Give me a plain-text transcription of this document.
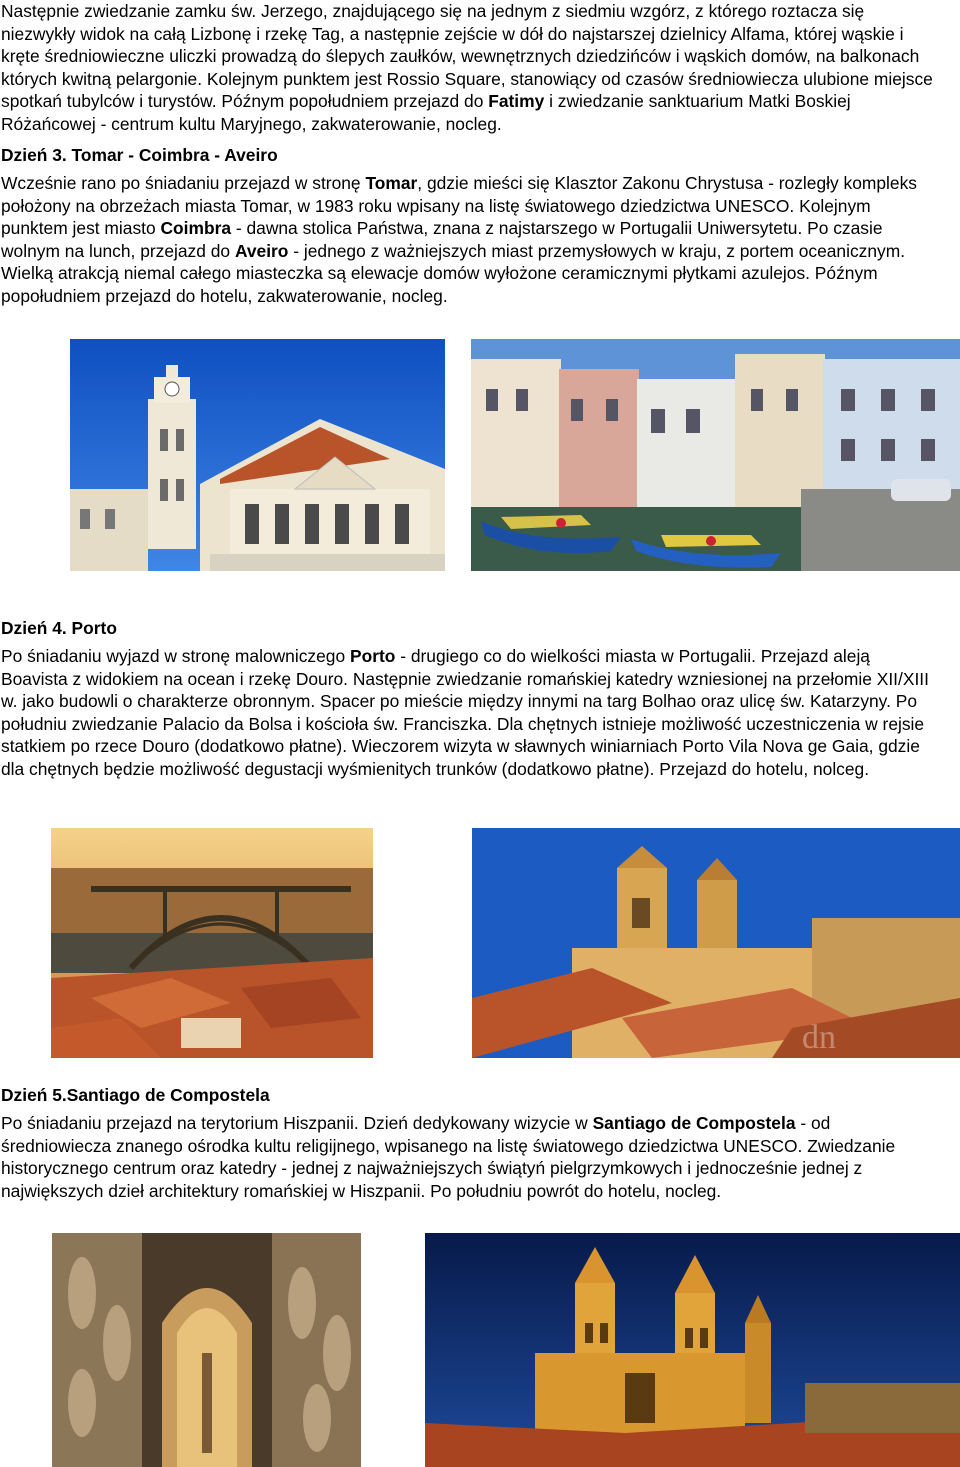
Następnie zwiedzanie zamku św. Jerzego, znajdującego się na jednym z siedmiu wzgórz, z którego roztacza się niezwykły widok na całą Lizbonę i rzekę Tag, a następnie zejście w dół do najstarszej dzielnicy Alfama, której wąskie i kręte średniowieczne uliczki prowadzą do ślepych zaułków, wewnętrznych dziedzińców i wąskich domów, na balkonach których kwitną pelargonie. Kolejnym punktem jest Rossio Square, stanowiący od czasów średniowiecza ulubione miejsce spotkań tubylców i turystów. Późnym popołudniem przejazd do Fatimy i zwiedzanie sanktuarium Matki Boskiej Różańcowej - centrum kultu Maryjnego, zakwaterowanie, nocleg.

Dzień 3. Tomar - Coimbra - Aveiro

Wcześnie rano po śniadaniu przejazd w stronę Tomar, gdzie mieści się Klasztor Zakonu Chrystusa - rozległy kompleks położony na obrzeżach miasta Tomar, w 1983 roku wpisany na listę światowego dziedzictwa UNESCO. Kolejnym punktem jest miasto Coimbra - dawna stolica Państwa, znana z najstarszego w Portugalii Uniwersytetu. Po czasie wolnym na lunch, przejazd do Aveiro - jednego z ważniejszych miast przemysłowych w kraju, z portem oceanicznym. Wielką atrakcją niemal całego miasteczka są elewacje domów wyłożone ceramicznymi płytkami azulejos. Późnym popołudniem przejazd do hotelu, zakwaterowanie, nocleg.

Dzień 4. Porto

Po śniadaniu wyjazd w stronę malowniczego Porto - drugiego co do wielkości miasta w Portugalii. Przejazd aleją Boavista z widokiem na ocean i rzekę Douro. Następnie zwiedzanie romańskiej katedry wzniesionej na przełomie XII/XIII w. jako budowli o charakterze obronnym. Spacer po mieście między innymi na targ Bolhao oraz ulicę św. Katarzyny. Po południu zwiedzanie Palacio da Bolsa i kościoła św. Franciszka. Dla chętnych istnieje możliwość uczestniczenia w rejsie statkiem po rzece Douro (dodatkowo płatne). Wieczorem wizyta w sławnych winiarniach Porto Vila Nova ge Gaia, gdzie dla chętnych będzie możliwość degustacji wyśmienitych trunków (dodatkowo płatne). Przejazd do hotelu, nolceg.

dn

Dzień 5.Santiago de Compostela

Po śniadaniu przejazd na terytorium Hiszpanii. Dzień dedykowany wizycie w Santiago de Compostela - od średniowiecza znanego ośrodka kultu religijnego, wpisanego na listę światowego dziedzictwa UNESCO. Zwiedzanie historycznego centrum oraz katedry - jednej z najważniejszych świątyń pielgrzymkowych i jednocześnie jednej z największych dzieł architektury romańskiej w Hiszpanii. Po południu powrót do hotelu, nocleg.
